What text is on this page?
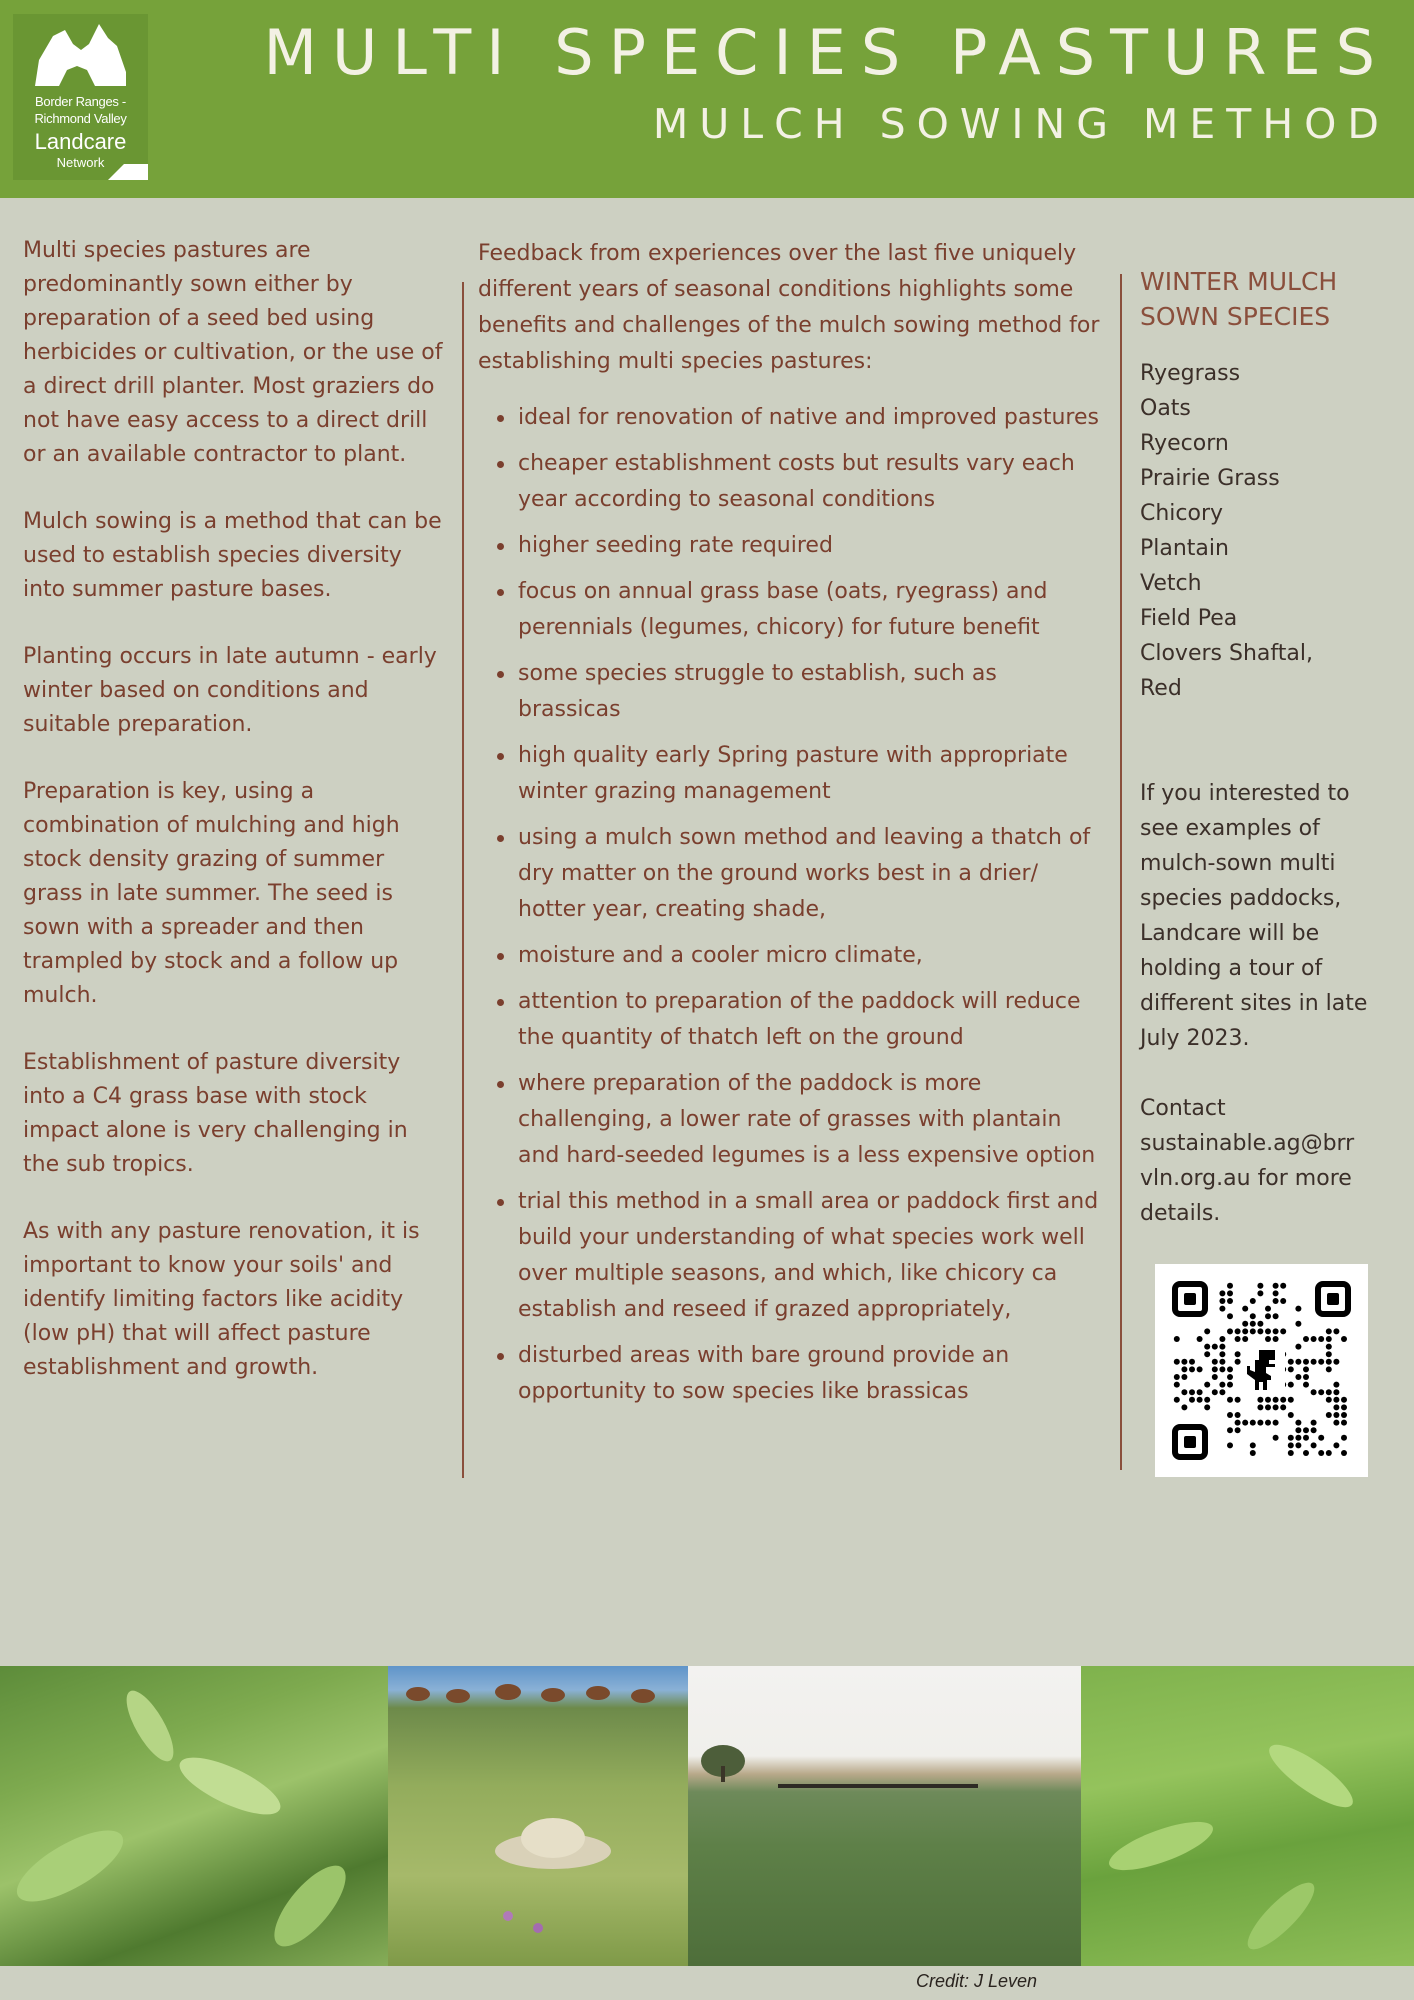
Border Ranges -
Richmond Valley
Landcare
Network
MULTI SPECIES PASTURES
MULCH SOWING METHOD

Multi species pastures are predominantly sown either by preparation of a seed bed using herbicides or cultivation, or the use of a direct drill planter. Most graziers do not have easy access to a direct drill or an available contractor to plant.

Mulch sowing is a method that can be used to establish species diversity into summer pasture bases.

Planting occurs in late autumn - early winter based on conditions and suitable preparation.

Preparation is key, using a combination of mulching and high stock density grazing of summer grass in late summer. The seed is sown with a spreader and then trampled by stock and a follow up mulch.

Establishment of pasture diversity into a C4 grass base with stock impact alone is very challenging in the sub tropics.

As with any pasture renovation, it is important to know your soils' and identify limiting factors like acidity (low pH) that will affect pasture establishment and growth.

Feedback from experiences over the last five uniquely different years of seasonal conditions highlights some benefits and challenges of the mulch sowing method for establishing multi species pastures:

ideal for renovation of native and improved pastures
cheaper establishment costs but results vary each year according to seasonal conditions
higher seeding rate required
focus on annual grass base (oats, ryegrass) and perennials (legumes, chicory) for future benefit
some species struggle to establish, such as brassicas
high quality early Spring pasture with appropriate winter grazing management
using a mulch sown method and leaving a thatch of dry matter on the ground works best in a drier/ hotter year, creating shade,
moisture and a cooler micro climate,
attention to preparation of the paddock will reduce the quantity of thatch left on the ground
where preparation of the paddock is more challenging, a lower rate of grasses with plantain and hard-seeded legumes is a less expensive option
trial this method in a small area or paddock first and build your understanding of what species work well over multiple seasons, and which, like chicory ca establish and reseed if grazed appropriately,
disturbed areas with bare ground provide an opportunity to sow species like brassicas
WINTER MULCH
SOWN SPECIES
Ryegrass
Oats
Ryecorn
Prairie Grass
Chicory
Plantain
Vetch
Field Pea
Clovers Shaftal,
Red

If you interested to see examples of mulch-sown multi species paddocks, Landcare will be holding a tour of different sites in late July 2023.

Contact
sustainable.ag@brr
vln.org.au for more
details.

Credit: J Leven
